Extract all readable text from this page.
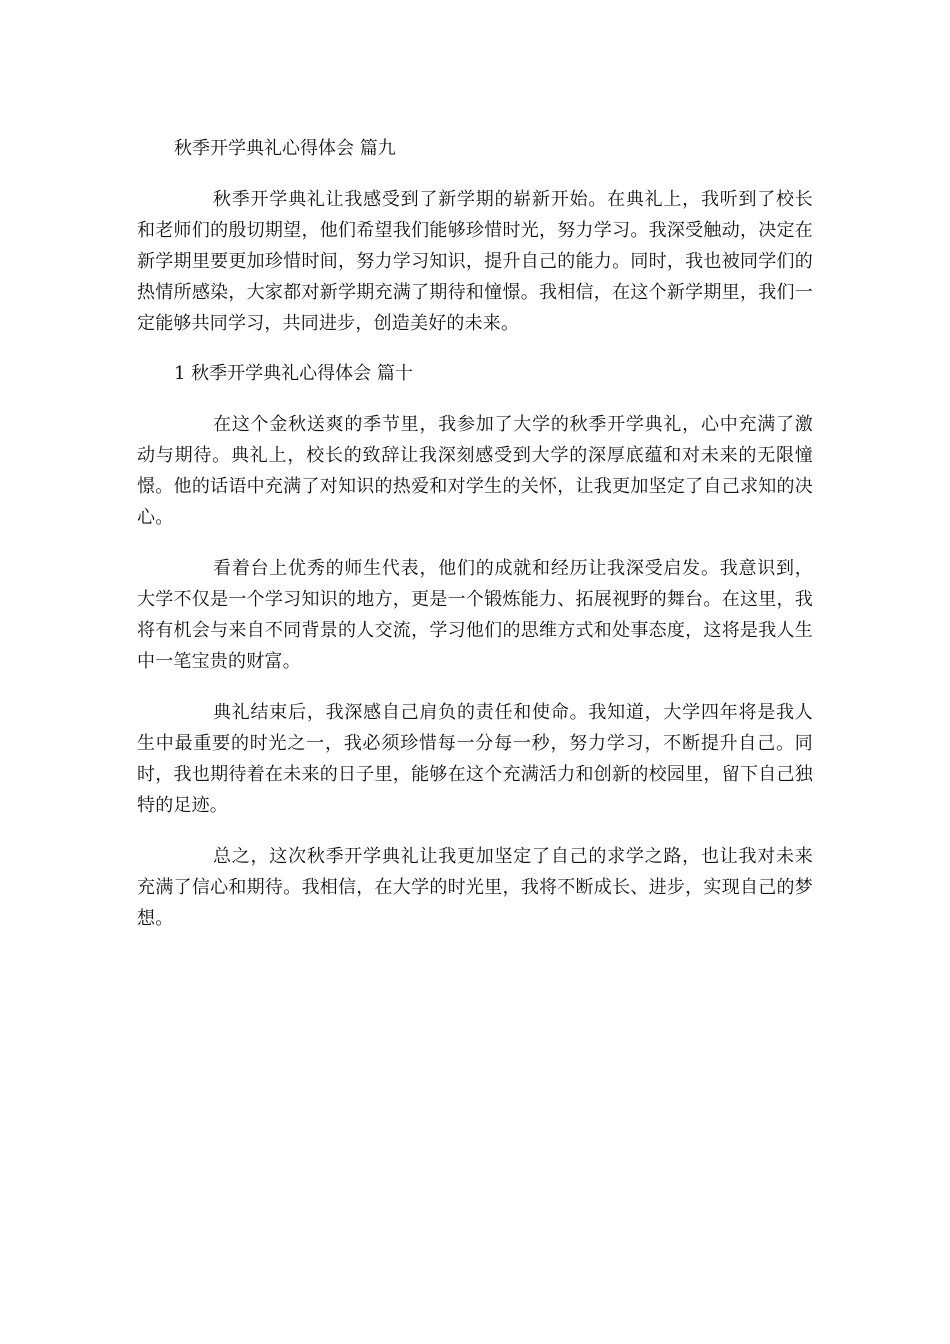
秋季开学典礼心得体会 篇九

秋季开学典礼让我感受到了新学期的崭新开始。在典礼上，我听到了校长和老师们的殷切期望，他们希望我们能够珍惜时光，努力学习。我深受触动，决定在新学期里要更加珍惜时间，努力学习知识，提升自己的能力。同时，我也被同学们的热情所感染，大家都对新学期充满了期待和憧憬。我相信，在这个新学期里，我们一定能够共同学习，共同进步，创造美好的未来。

1 秋季开学典礼心得体会 篇十

在这个金秋送爽的季节里，我参加了大学的秋季开学典礼，心中充满了激动与期待。典礼上，校长的致辞让我深刻感受到大学的深厚底蕴和对未来的无限憧憬。他的话语中充满了对知识的热爱和对学生的关怀，让我更加坚定了自己求知的决心。

看着台上优秀的师生代表，他们的成就和经历让我深受启发。我意识到，大学不仅是一个学习知识的地方，更是一个锻炼能力、拓展视野的舞台。在这里，我将有机会与来自不同背景的人交流，学习他们的思维方式和处事态度，这将是我人生中一笔宝贵的财富。

典礼结束后，我深感自己肩负的责任和使命。我知道，大学四年将是我人生中最重要的时光之一，我必须珍惜每一分每一秒，努力学习，不断提升自己。同时，我也期待着在未来的日子里，能够在这个充满活力和创新的校园里，留下自己独特的足迹。

总之，这次秋季开学典礼让我更加坚定了自己的求学之路，也让我对未来充满了信心和期待。我相信，在大学的时光里，我将不断成长、进步，实现自己的梦想。
